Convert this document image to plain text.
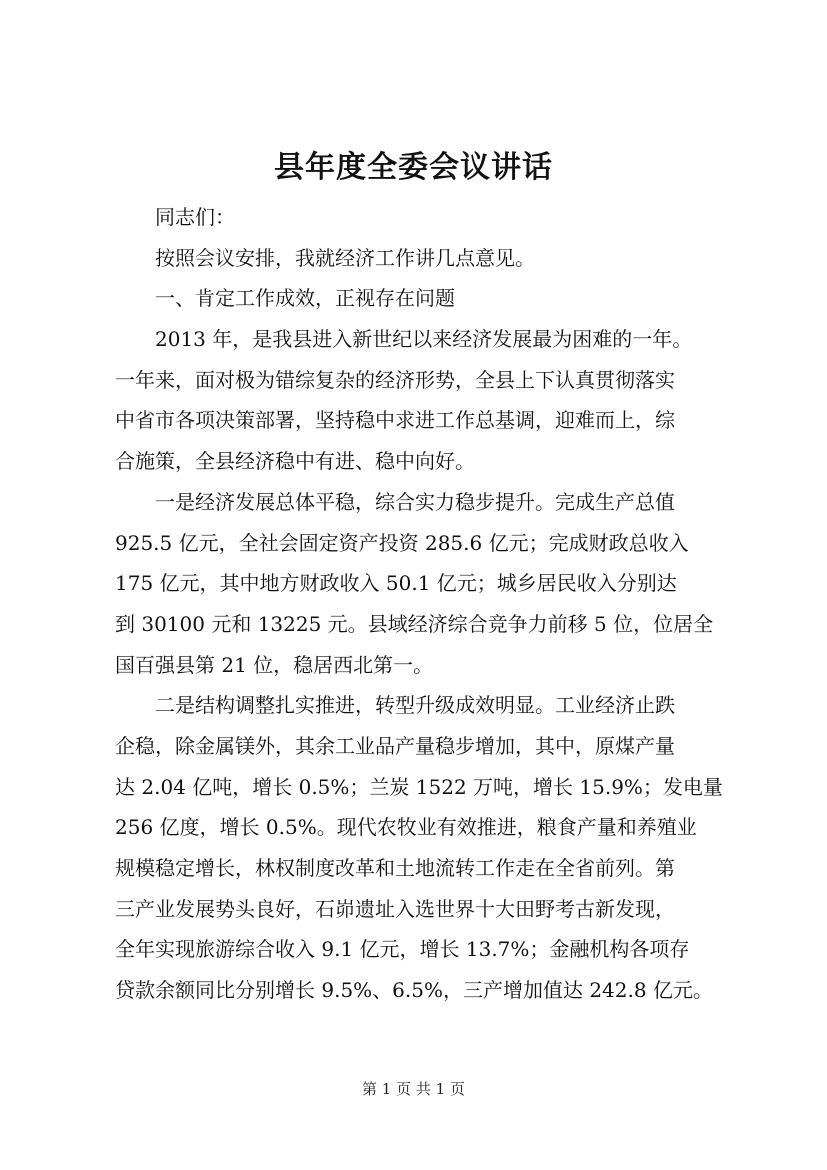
县年度全委会议讲话
同志们：
按照会议安排，我就经济工作讲几点意见。
一、肯定工作成效，正视存在问题
2013 年，是我县进入新世纪以来经济发展最为困难的一年。
一年来，面对极为错综复杂的经济形势，全县上下认真贯彻落实
中省市各项决策部署，坚持稳中求进工作总基调，迎难而上，综
合施策，全县经济稳中有进、稳中向好。
一是经济发展总体平稳，综合实力稳步提升。完成生产总值
925.5 亿元，全社会固定资产投资 285.6 亿元；完成财政总收入
175 亿元，其中地方财政收入 50.1 亿元；城乡居民收入分别达
到 30100 元和 13225 元。县域经济综合竞争力前移 5 位，位居全
国百强县第 21 位，稳居西北第一。
二是结构调整扎实推进，转型升级成效明显。工业经济止跌
企稳，除金属镁外，其余工业品产量稳步增加，其中，原煤产量
达 2.04 亿吨，增长 0.5%；兰炭 1522 万吨，增长 15.9%；发电量
256 亿度，增长 0.5%。现代农牧业有效推进，粮食产量和养殖业
规模稳定增长，林权制度改革和土地流转工作走在全省前列。第
三产业发展势头良好，石峁遗址入选世界十大田野考古新发现，
全年实现旅游综合收入 9.1 亿元，增长 13.7%；金融机构各项存
贷款余额同比分别增长 9.5%、6.5%，三产增加值达 242.8 亿元。
第 1 页 共 1 页
